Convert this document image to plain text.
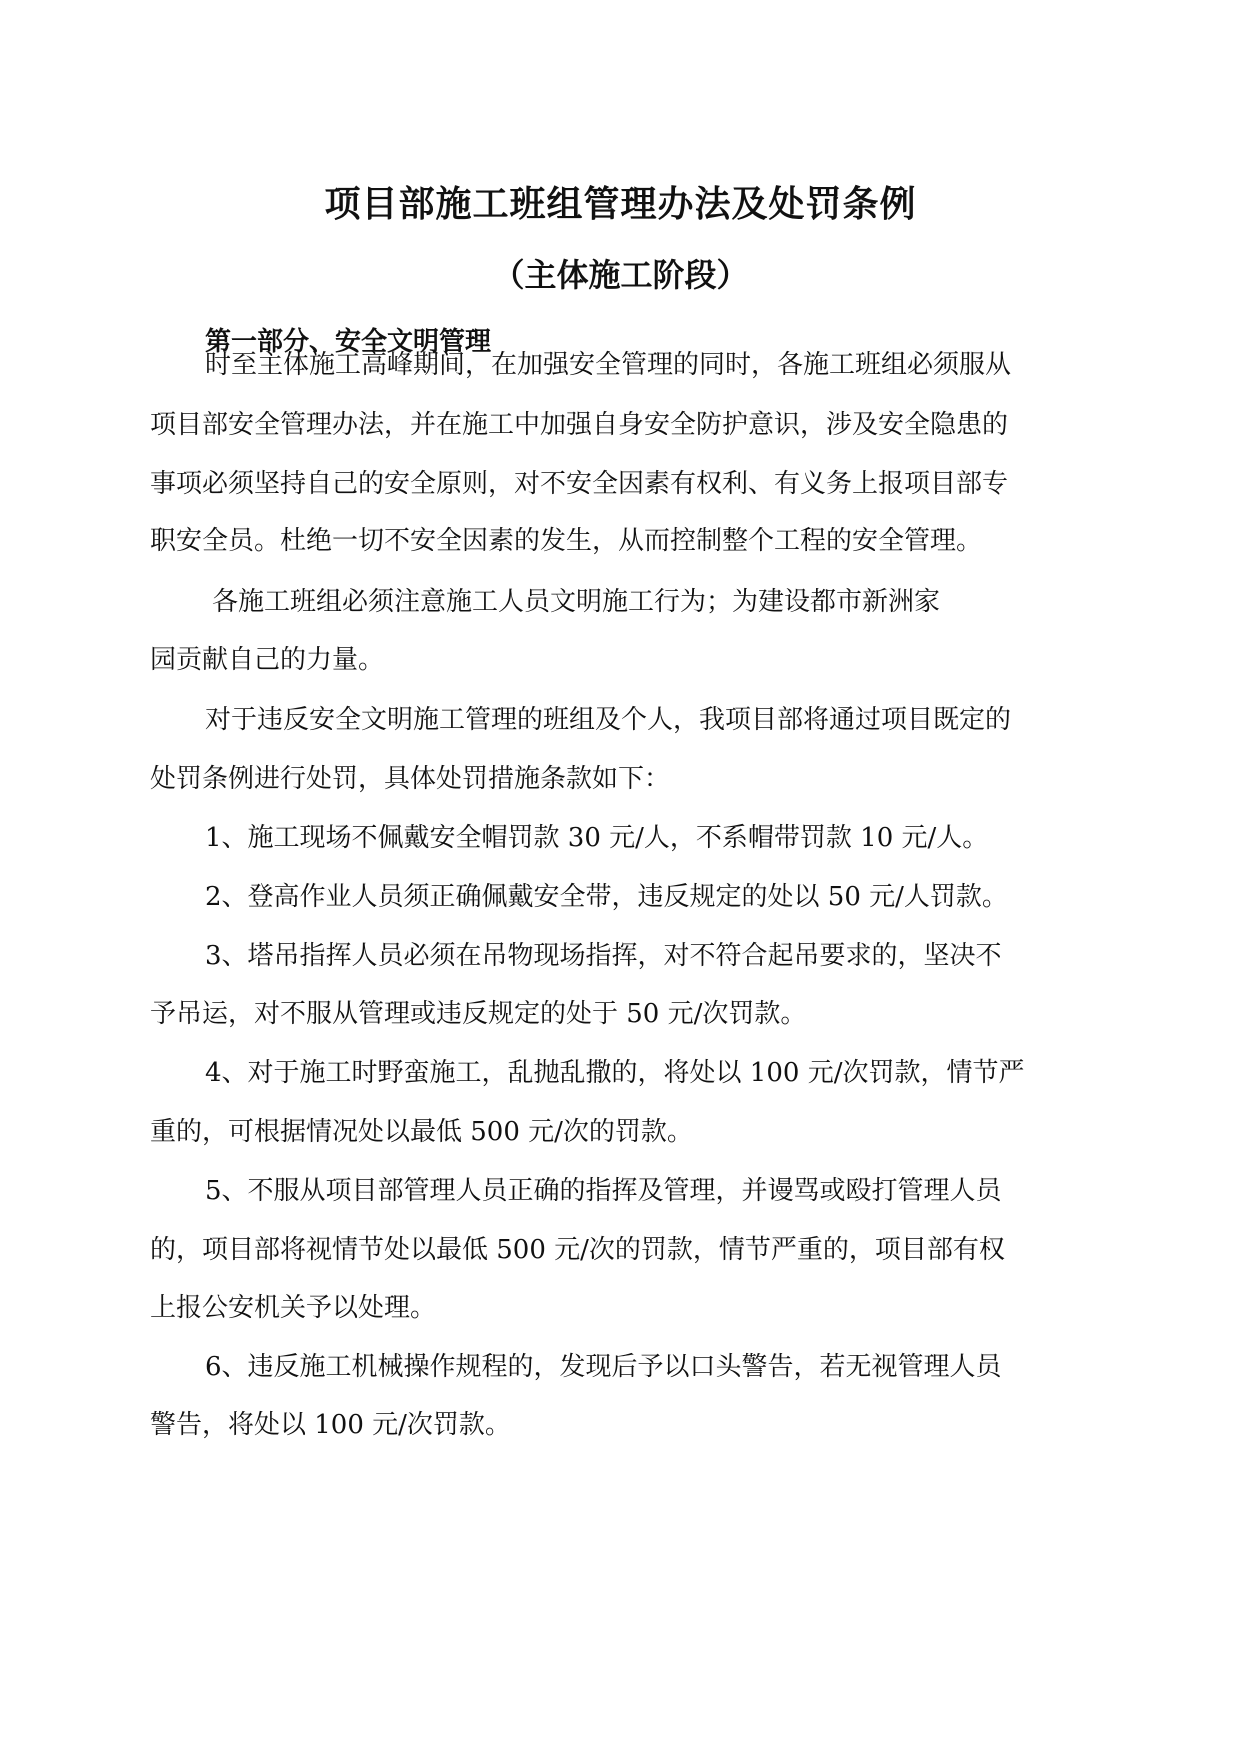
项目部施工班组管理办法及处罚条例
（主体施工阶段）
第一部分、安全文明管理
时至主体施工高峰期间，在加强安全管理的同时，各施工班组必须服从
项目部安全管理办法，并在施工中加强自身安全防护意识，涉及安全隐患的
事项必须坚持自己的安全原则，对不安全因素有权利、有义务上报项目部专
职安全员。杜绝一切不安全因素的发生，从而控制整个工程的安全管理。
各施工班组必须注意施工人员文明施工行为；为建设都市新洲家
园贡献自己的力量。
对于违反安全文明施工管理的班组及个人，我项目部将通过项目既定的
处罚条例进行处罚，具体处罚措施条款如下：
1、施工现场不佩戴安全帽罚款 30 元/人，不系帽带罚款 10 元/人。
2、登高作业人员须正确佩戴安全带，违反规定的处以 50 元/人罚款。
3、塔吊指挥人员必须在吊物现场指挥，对不符合起吊要求的，坚决不
予吊运，对不服从管理或违反规定的处于 50 元/次罚款。
4、对于施工时野蛮施工，乱抛乱撒的，将处以 100 元/次罚款，情节严
重的，可根据情况处以最低 500 元/次的罚款。
5、不服从项目部管理人员正确的指挥及管理，并谩骂或殴打管理人员
的，项目部将视情节处以最低 500 元/次的罚款，情节严重的，项目部有权
上报公安机关予以处理。
6、违反施工机械操作规程的，发现后予以口头警告，若无视管理人员
警告，将处以 100 元/次罚款。
